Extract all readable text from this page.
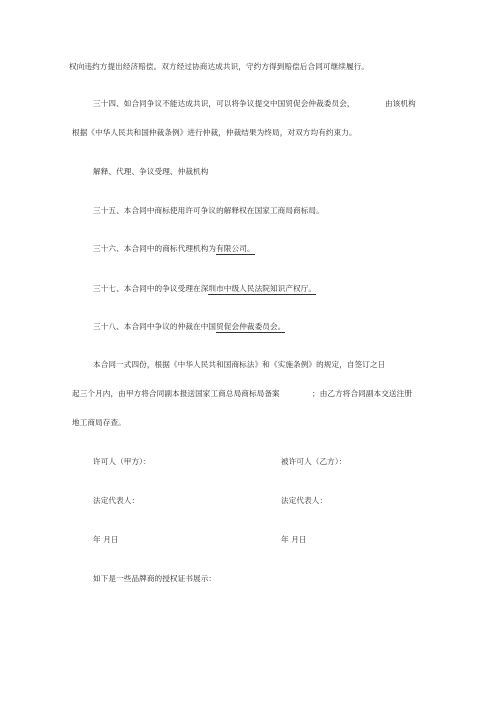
权向违约方提出经济赔偿。双方经过协商达成共识，守约方得到赔偿后合同可继续履行。
三十四、如合同争议不能达成共识，可以将争议提交中国贸促会仲裁委员会，	由该机构
根据《中华人民共和国仲裁条例》进行仲裁，仲裁结果为终局，对双方均有约束力。
解释、代理、争议受理、仲裁机构
三十五、本合同中商标使用许可争议的解释权在国家工商局商标局。
三十六、本合同中的商标代理机构为有限公司。
三十七、本合同中的争议受理在深圳市中级人民法院知识产权厅。
三十八、本合同中争议的仲裁在中国贸促会仲裁委员会。
本合同一式四份，根据《中华人民共和国商标法》和《实施条例》的规定，自签订之日
起三个月内，由甲方将合同副本报送国家工商总局商标局备案	；由乙方将合同副本交送注册
地工商局存查。
许可人（甲方）：	被许可人（乙方）：
法定代表人：	法定代表人：
年 月日	年 月日
如下是一些品牌商的授权证书展示：
